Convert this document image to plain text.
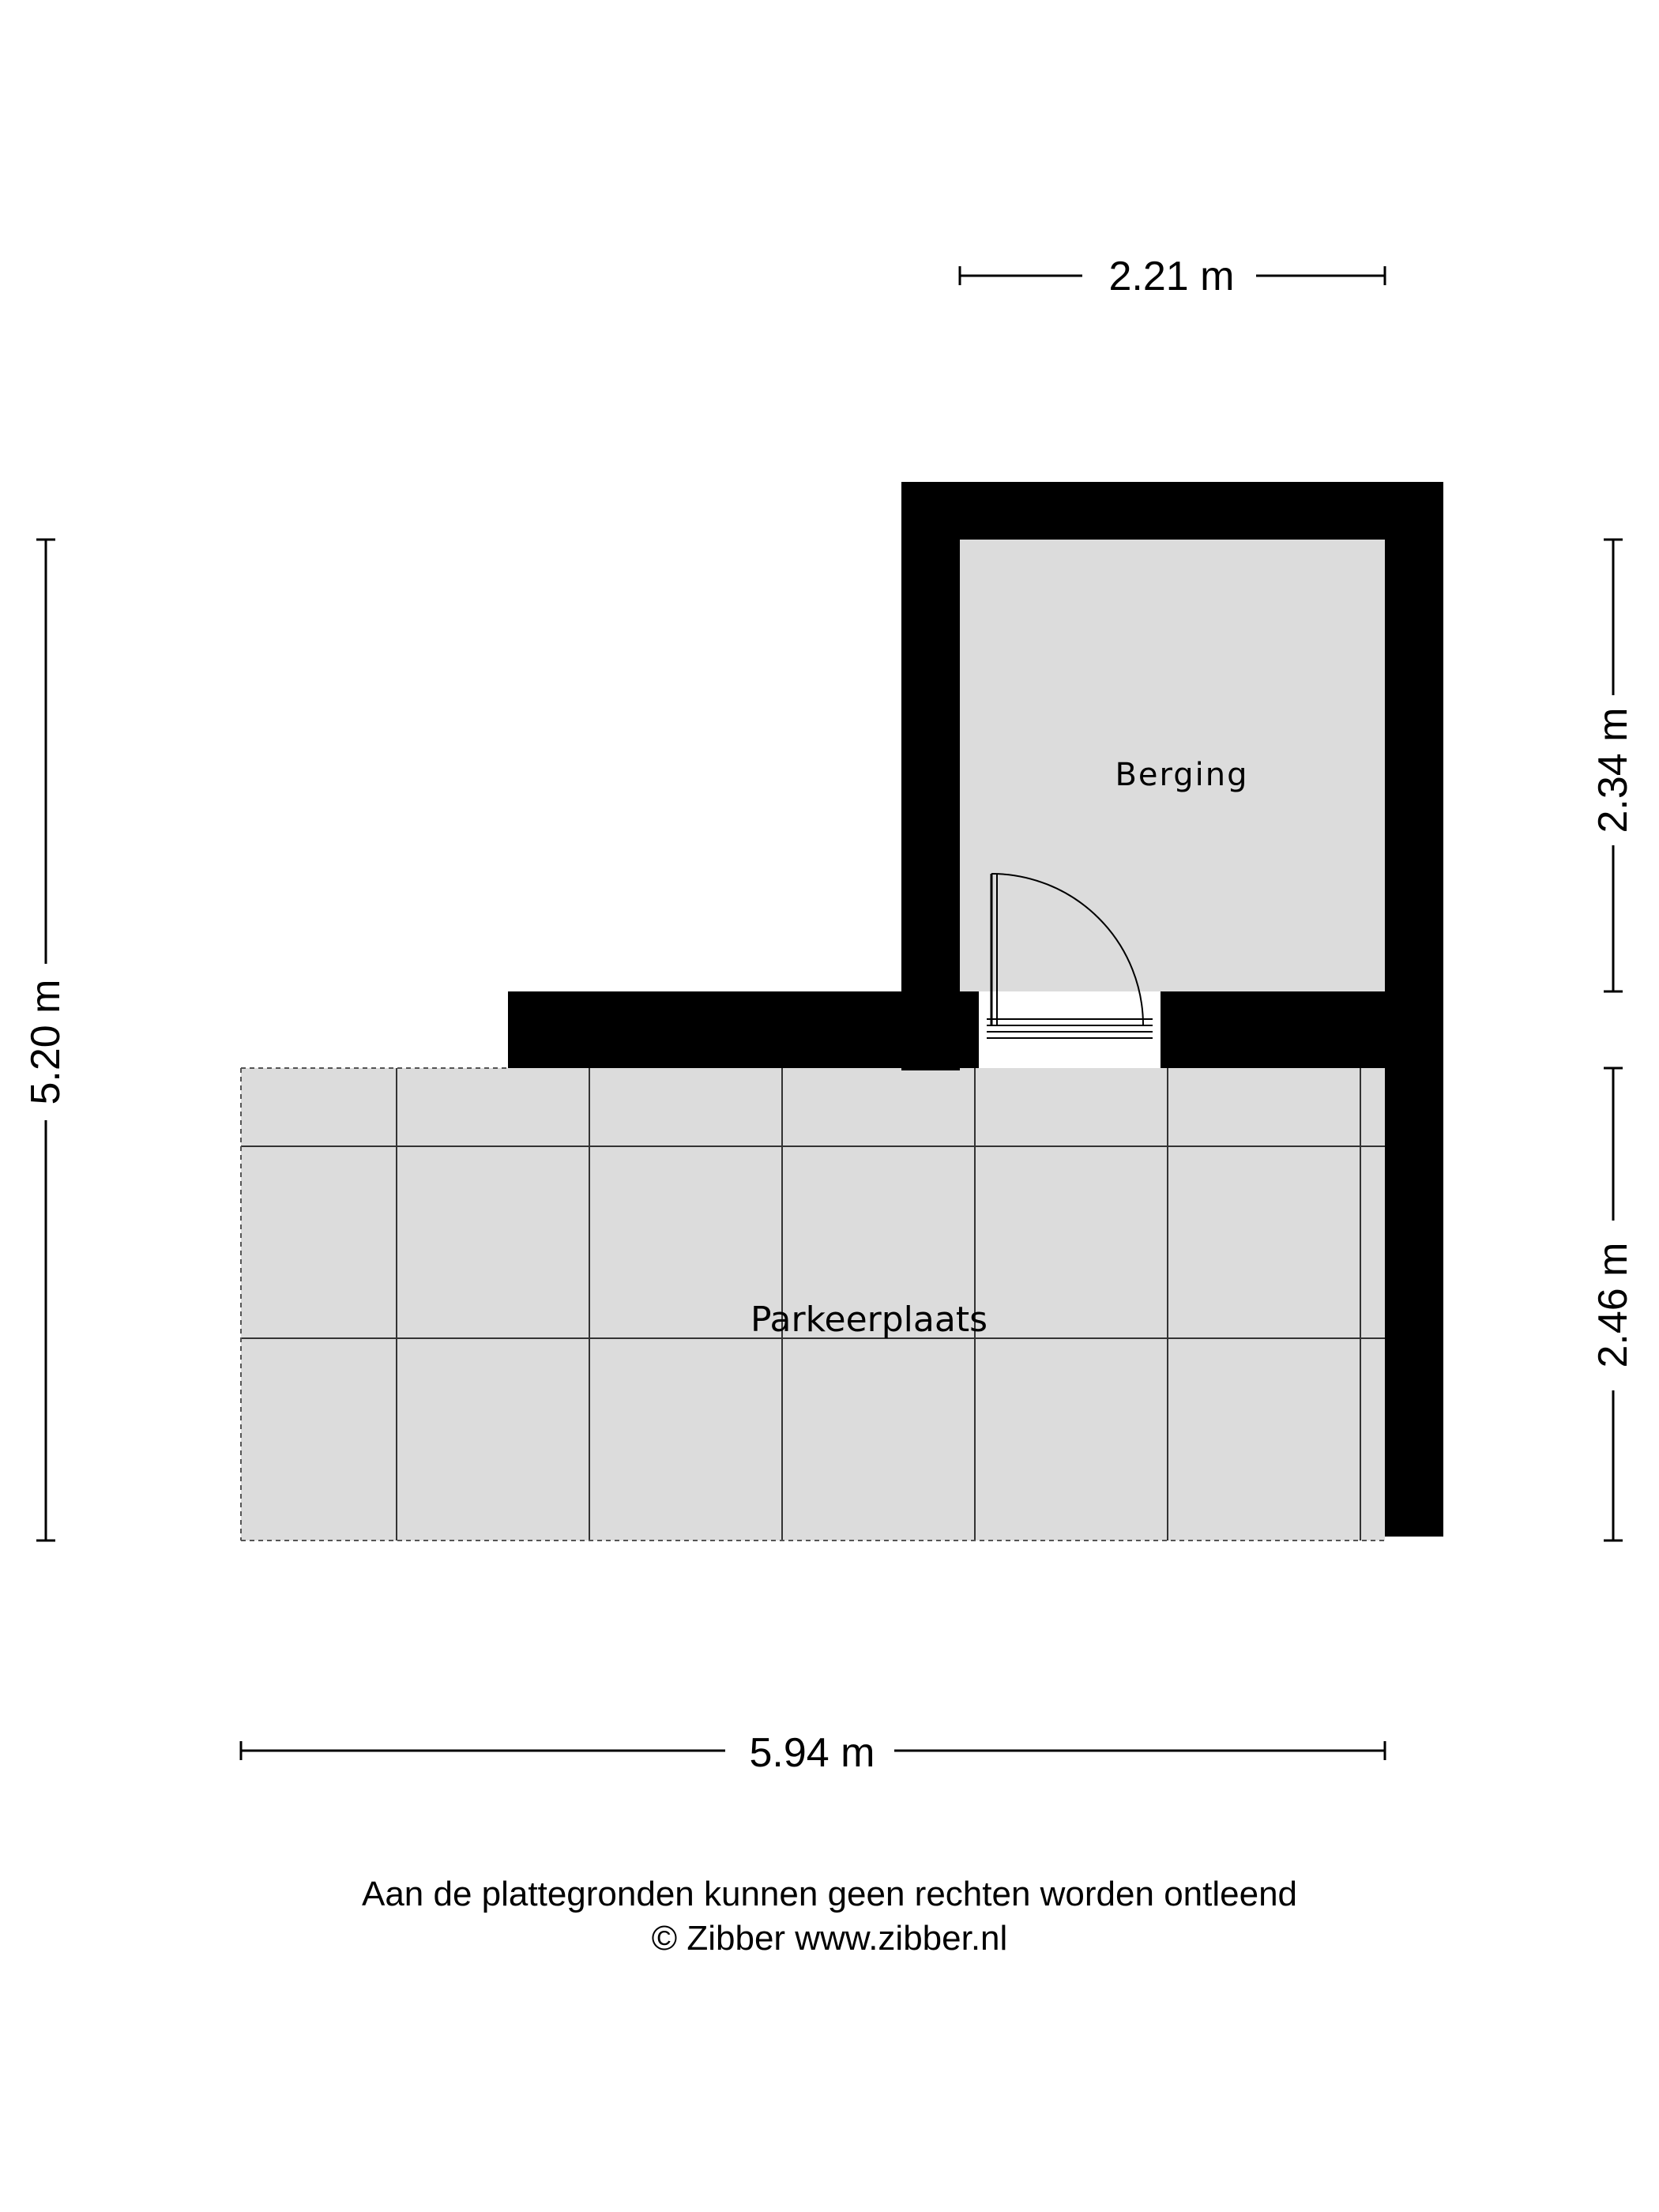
Berging
Parkeerplaats
2.21 m
5.94 m
5.20 m
2.34 m
2.46 m
Aan de plattegronden kunnen geen rechten worden ontleend
© Zibber www.zibber.nl
